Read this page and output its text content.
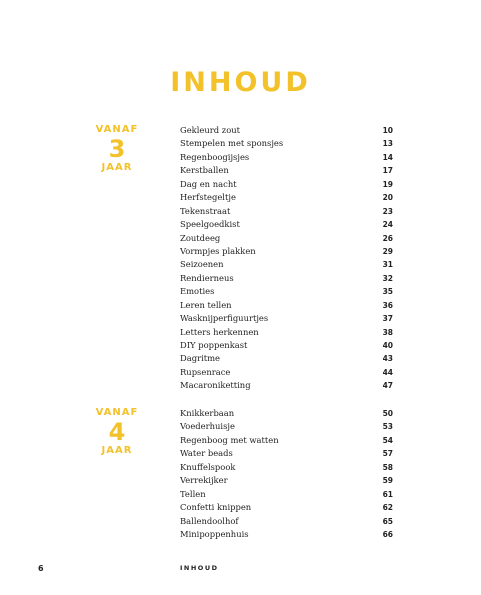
INHOUD
VANAF
3
JAAR
Gekleurd zout	10
Stempelen met sponsjes	13
Regenboogijsjes	14
Kerstballen	17
Dag en nacht	19
Herfstegeltje	20
Tekenstraat	23
Speelgoedkist	24
Zoutdeeg	26
Vormpjes plakken	29
Seizoenen	31
Rendierneus	32
Emoties	35
Leren tellen	36
Wasknijperfiguurtjes	37
Letters herkennen	38
DIY poppenkast	40
Dagritme	43
Rupsenrace	44
Macaroniketting	47
VANAF
4
JAAR
Knikkerbaan	50
Voederhuisje	53
Regenboog met watten	54
Water beads	57
Knuffelspook	58
Verrekijker	59
Tellen	61
Confetti knippen	62
Ballendoolhof	65
Minipoppenhuis	66
6	INHOUD
